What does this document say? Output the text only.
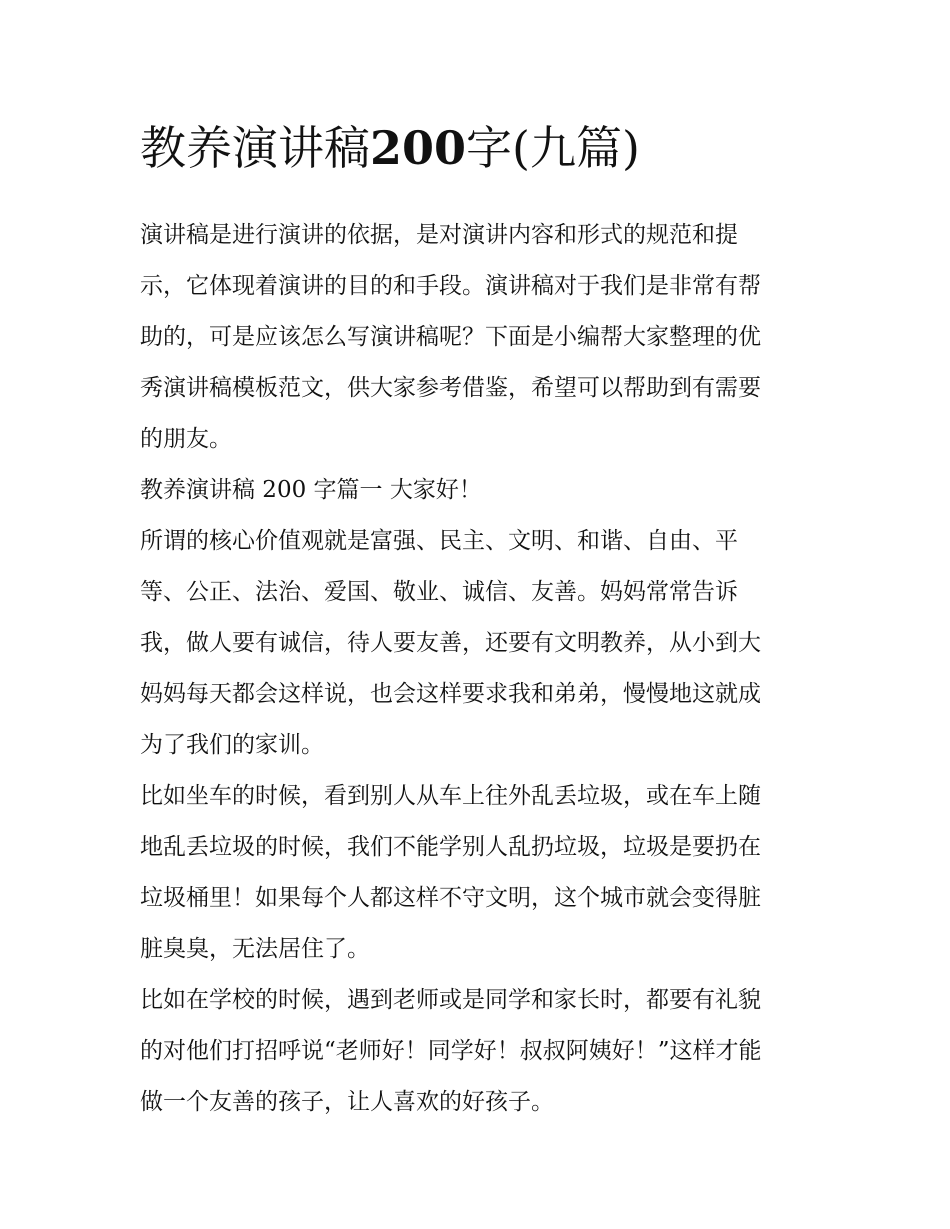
教养演讲稿200字(九篇)

演讲稿是进行演讲的依据，是对演讲内容和形式的规范和提
示，它体现着演讲的目的和手段。演讲稿对于我们是非常有帮
助的，可是应该怎么写演讲稿呢？下面是小编帮大家整理的优
秀演讲稿模板范文，供大家参考借鉴，希望可以帮助到有需要
的朋友。

教养演讲稿 200 字篇一 大家好！

所谓的核心价值观就是富强、民主、文明、和谐、自由、平
等、公正、法治、爱国、敬业、诚信、友善。妈妈常常告诉
我，做人要有诚信，待人要友善，还要有文明教养，从小到大
妈妈每天都会这样说，也会这样要求我和弟弟，慢慢地这就成
为了我们的家训。

比如坐车的时候，看到别人从车上往外乱丢垃圾，或在车上随
地乱丢垃圾的时候，我们不能学别人乱扔垃圾，垃圾是要扔在
垃圾桶里！如果每个人都这样不守文明，这个城市就会变得脏
脏臭臭，无法居住了。

比如在学校的时候，遇到老师或是同学和家长时，都要有礼貌
的对他们打招呼说“老师好！同学好！叔叔阿姨好！”这样才能
做一个友善的孩子，让人喜欢的好孩子。
